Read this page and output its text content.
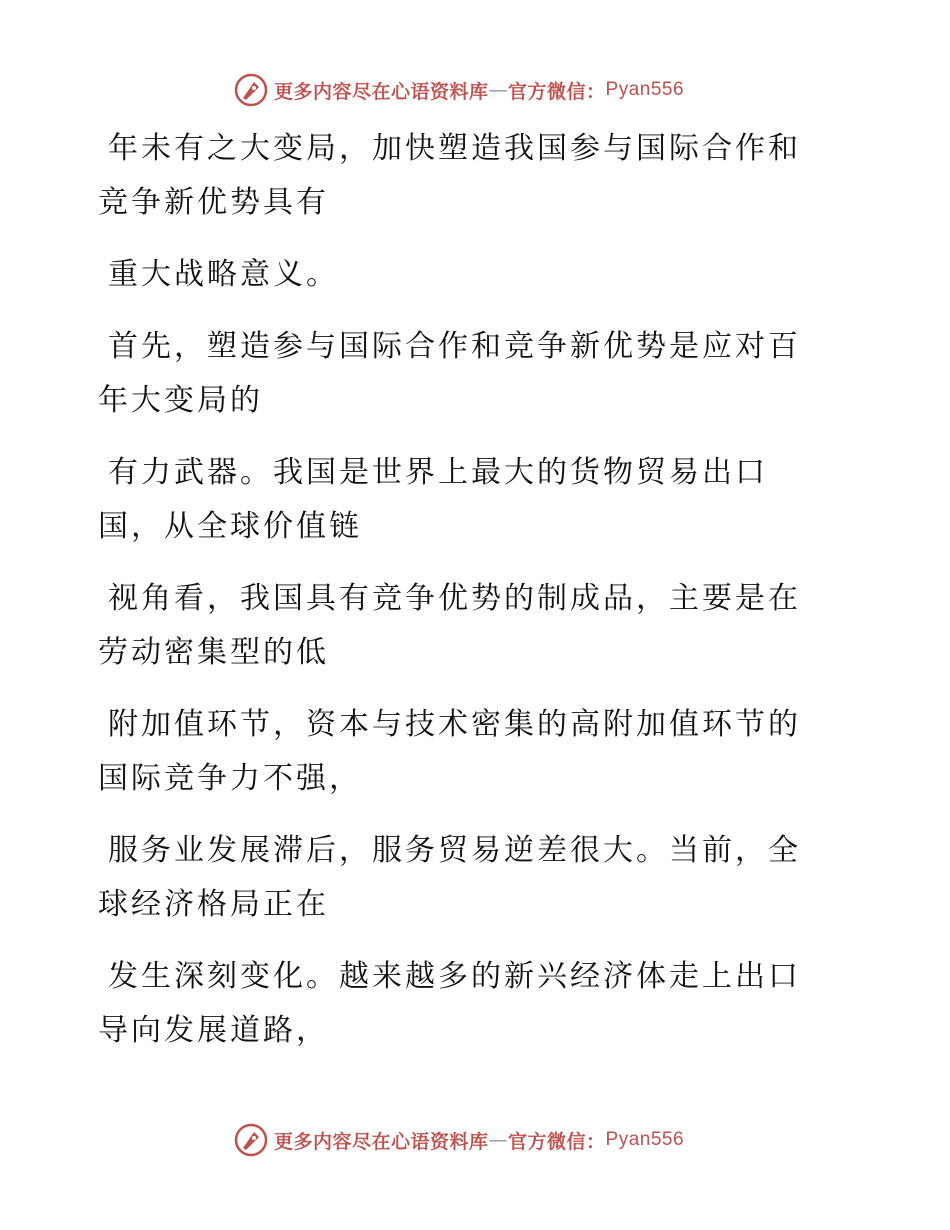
更多内容尽在心语资料库 — 官方微信： Pyan556

年未有之大变局，加快塑造我国参与国际合作和
竞争新优势具有

重大战略意义。

首先，塑造参与国际合作和竞争新优势是应对百
年大变局的

有力武器。我国是世界上最大的货物贸易出口
国，从全球价值链

视角看，我国具有竞争优势的制成品，主要是在
劳动密集型的低

附加值环节，资本与技术密集的高附加值环节的
国际竞争力不强，

服务业发展滞后，服务贸易逆差很大。当前，全
球经济格局正在

发生深刻变化。越来越多的新兴经济体走上出口
导向发展道路，

更多内容尽在心语资料库 — 官方微信： Pyan556
